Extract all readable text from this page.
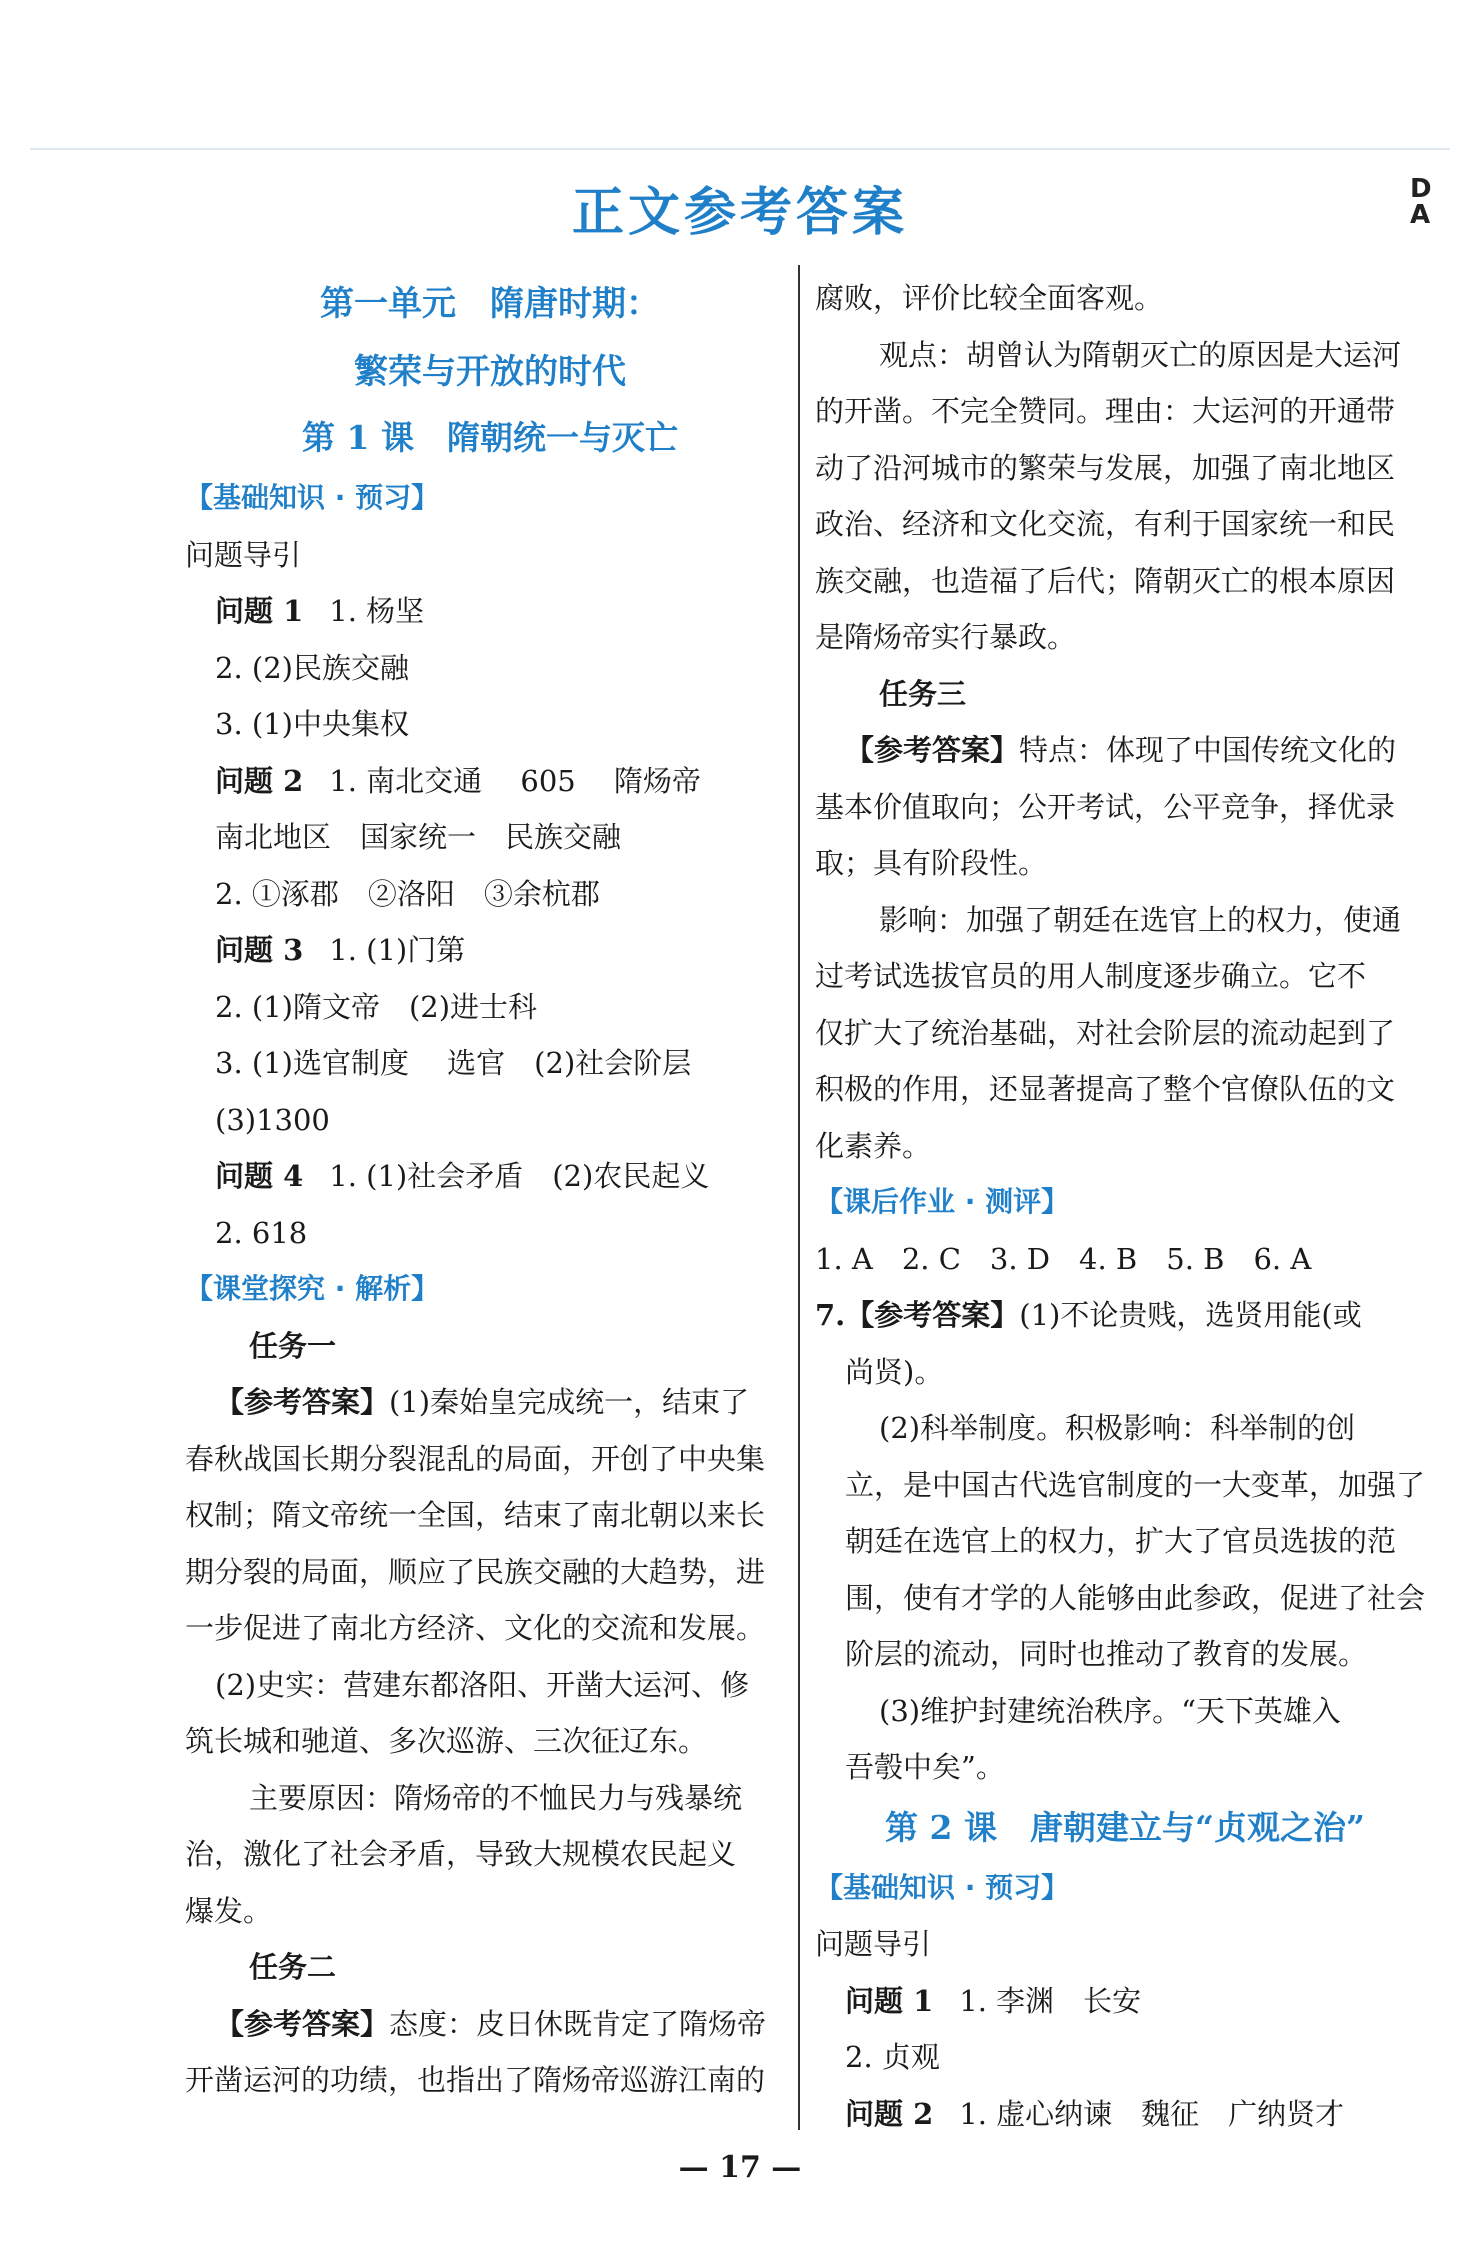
正文参考答案	D A
第一单元　隋唐时期：
繁荣与开放的时代
第 1 课　隋朝统一与灭亡
【基础知识 · 预习】
问题导引
问题 1 1. 杨坚
2. (2)民族交融
3. (1)中央集权
问题 2 1. 南北交通　 605　 隋炀帝
南北地区　国家统一　民族交融
2. ①涿郡　②洛阳　③余杭郡
问题 3 1. (1)门第
2. (1)隋文帝　(2)进士科
3. (1)选官制度　 选官　(2)社会阶层
(3)1300
问题 4 1. (1)社会矛盾　(2)农民起义
2. 618
【课堂探究 · 解析】
任务一
【参考答案】(1)秦始皇完成统一，结束了
春秋战国长期分裂混乱的局面，开创了中央集
权制；隋文帝统一全国，结束了南北朝以来长
期分裂的局面，顺应了民族交融的大趋势，进
一步促进了南北方经济、文化的交流和发展。
(2)史实：营建东都洛阳、开凿大运河、修
筑长城和驰道、多次巡游、三次征辽东。
主要原因：隋炀帝的不恤民力与残暴统
治，激化了社会矛盾，导致大规模农民起义
爆发。
任务二
【参考答案】态度：皮日休既肯定了隋炀帝
开凿运河的功绩，也指出了隋炀帝巡游江南的
腐败，评价比较全面客观。
观点：胡曾认为隋朝灭亡的原因是大运河
的开凿。不完全赞同。理由：大运河的开通带
动了沿河城市的繁荣与发展，加强了南北地区
政治、经济和文化交流，有利于国家统一和民
族交融，也造福了后代；隋朝灭亡的根本原因
是隋炀帝实行暴政。
任务三
【参考答案】特点：体现了中国传统文化的
基本价值取向；公开考试，公平竞争，择优录
取；具有阶段性。
影响：加强了朝廷在选官上的权力，使通
过考试选拔官员的用人制度逐步确立。它不
仅扩大了统治基础，对社会阶层的流动起到了
积极的作用，还显著提高了整个官僚队伍的文
化素养。
【课后作业 · 测评】
1. A　2. C　3. D　4. B　5. B　6. A
7.【参考答案】(1)不论贵贱，选贤用能(或
尚贤)。
(2)科举制度。积极影响：科举制的创
立，是中国古代选官制度的一大变革，加强了
朝廷在选官上的权力，扩大了官员选拔的范
围，使有才学的人能够由此参政，促进了社会
阶层的流动，同时也推动了教育的发展。
(3)维护封建统治秩序。“天下英雄入
吾彀中矣”。
第 2 课　唐朝建立与“贞观之治”
【基础知识 · 预习】
问题导引
问题 1 1. 李渊　长安
2. 贞观
问题 2 1. 虚心纳谏　魏征　广纳贤才
— 17 —
